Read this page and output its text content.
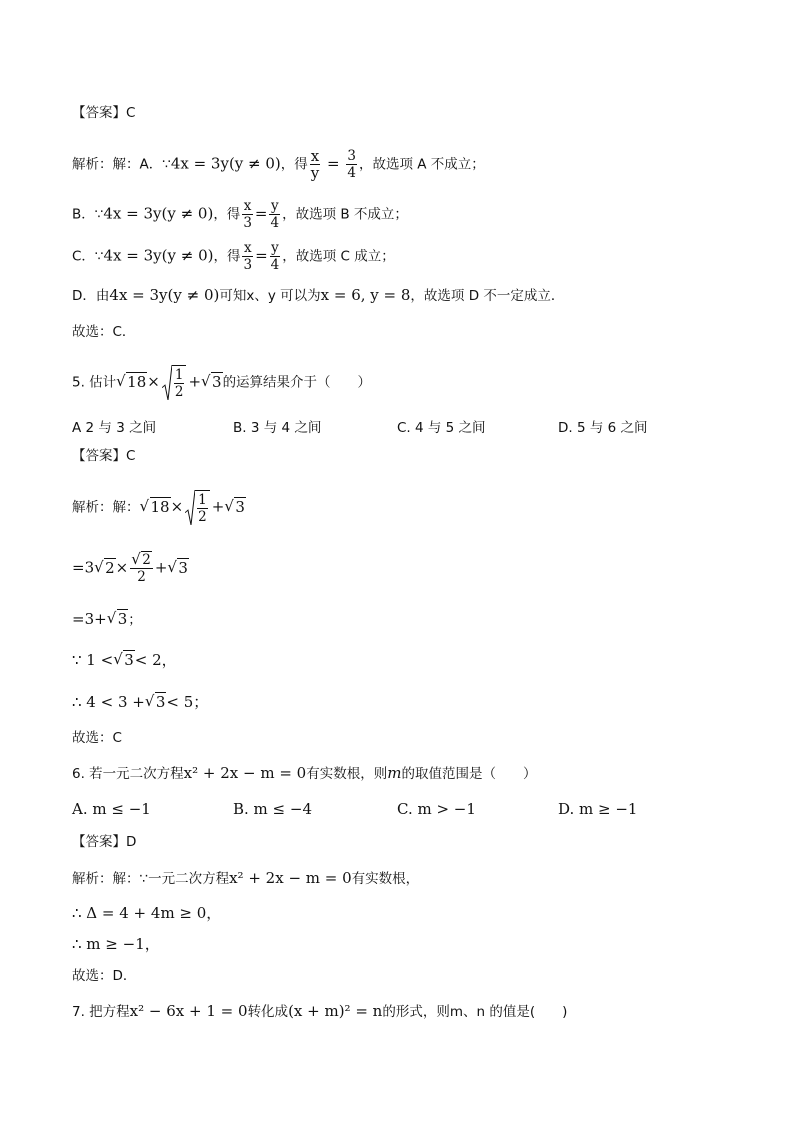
【答案】C
解析：解：A．∵4x = 3y(y ≠ 0)，得 $\frac{x}{y} = \frac{3}{4}$ ，故选项 A 不成立；
B．∵4x = 3y(y ≠ 0)，得 $\frac{x}{3} = \frac{y}{4}$ ，故选项 B 不成立；
C．∵4x = 3y(y ≠ 0)，得 $\frac{x}{3} = \frac{y}{4}$ ，故选项 C 成立；
D．由4x = 3y(y ≠ 0)可知x、y 可以为x = 6, y = 8，故选项 D 不一定成立．
故选：C．
5. 估计 √ $18\times \frac{1}{2}$ + √ 3的运算结果介于（　　）
A 2 与 3 之间	B. 3 与 4 之间	C. 4 与 5 之间	D. 5 与 6 之间
【答案】C
解析：解： √ $18\times \frac{1}{2}$ + √ 3
=3 √ 2× √ $\frac{2}{2}$ + √ 3
=3+ √ 3；
∵ 1 < √ 3< 2，
∴ 4 < 3 + √ 3< 5；
故选：C
6. 若一元二次方程x² + 2x − m = 0有实数根，则m的取值范围是（　　）
A. m ≤ −1	B. m ≤ −4	C. m > −1	D. m ≥ −1
【答案】D
解析：解：∵一元二次方程x² + 2x − m = 0有实数根，
∴ Δ = 4 + 4m ≥ 0，
∴ m ≥ −1，
故选：D．
7. 把方程x² − 6x + 1 = 0转化成(x + m)² = n的形式，则m、n 的值是(　　)
